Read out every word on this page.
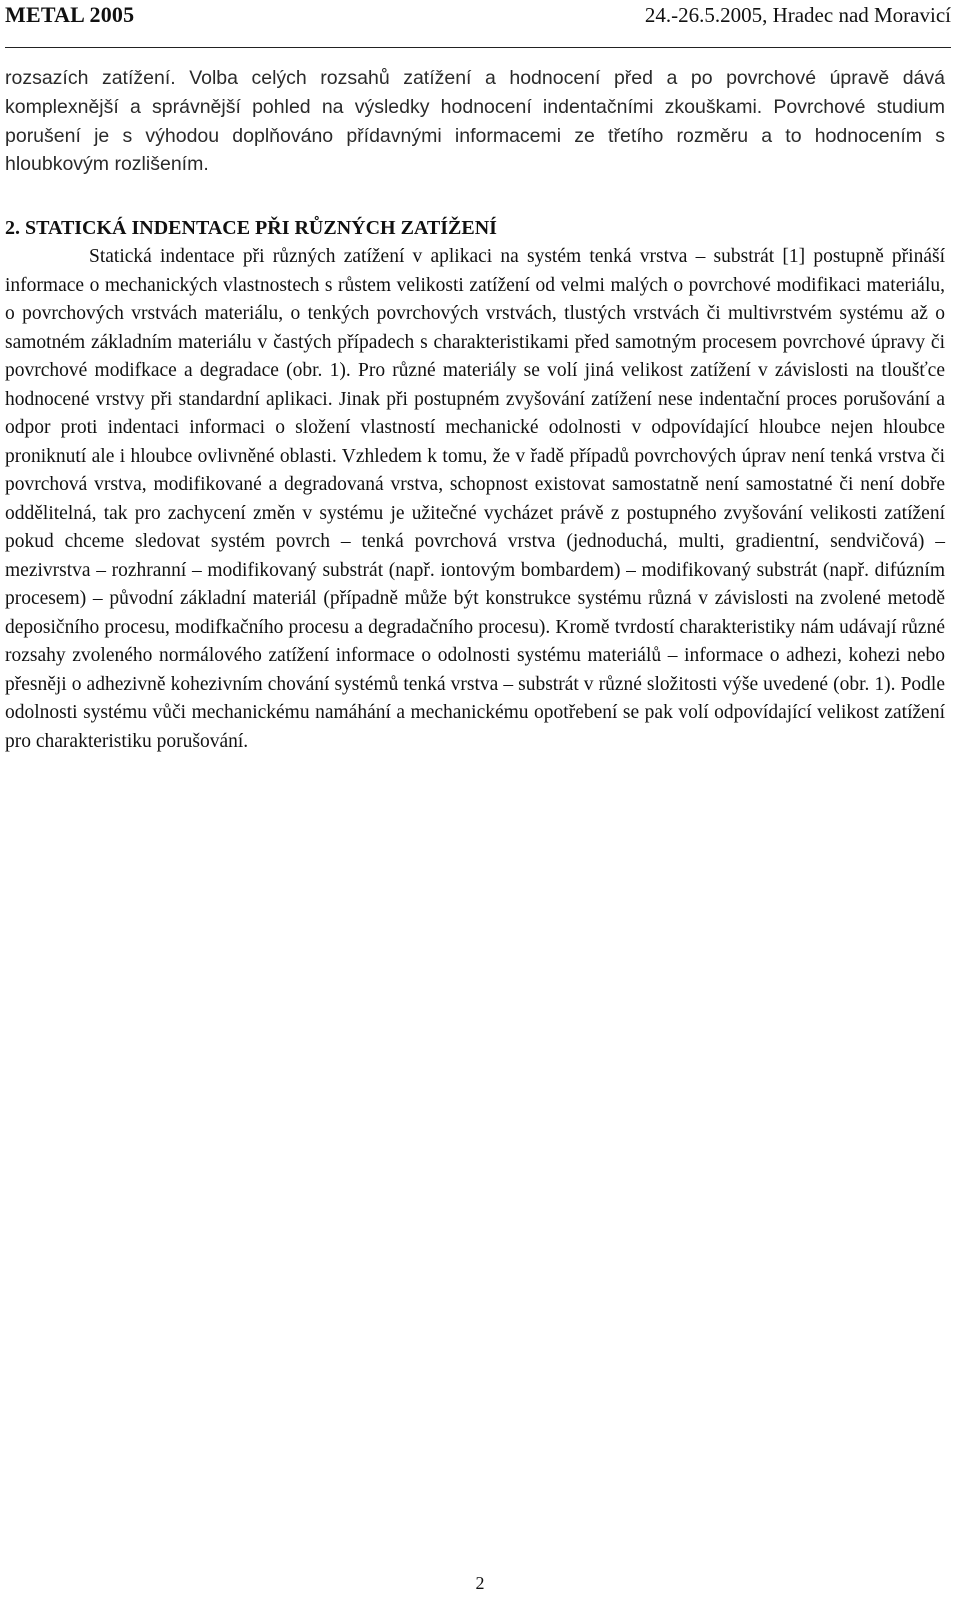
METAL 2005	24.-26.5.2005, Hradec nad Moravicí
rozsazích zatížení. Volba celých rozsahů zatížení a hodnocení před a po povrchové úpravě dává komplexnější a správnější pohled na výsledky hodnocení indentačními zkouškami. Povrchové studium porušení je s výhodou doplňováno přídavnými informacemi ze třetího rozměru a to hodnocením s hloubkovým rozlišením.
2. STATICKÁ INDENTACE PŘI RŮZNÝCH ZATÍŽENÍ

Statická indentace při různých zatížení v aplikaci na systém tenká vrstva – substrát [1] postupně přináší informace o mechanických vlastnostech s růstem velikosti zatížení od velmi malých o povrchové modifikaci materiálu, o povrchových vrstvách materiálu, o tenkých povrchových vrstvách, tlustých vrstvách či multivrstvém systému až o samotném základním materiálu v častých případech s charakteristikami před samotným procesem povrchové úpravy či povrchové modifkace a degradace (obr. 1). Pro různé materiály se volí jiná velikost zatížení v závislosti na tloušťce hodnocené vrstvy při standardní aplikaci. Jinak při postupném zvyšování zatížení nese indentační proces porušování a odpor proti indentaci informaci o složení vlastností mechanické odolnosti v odpovídající hloubce nejen hloubce proniknutí ale i hloubce ovlivněné oblasti. Vzhledem k tomu, že v řadě případů povrchových úprav není tenká vrstva či povrchová vrstva, modifikované a degradovaná vrstva, schopnost existovat samostatně není samostatné či není dobře oddělitelná, tak pro zachycení změn v systému je užitečné vycházet právě z postupného zvyšování velikosti zatížení pokud chceme sledovat systém povrch – tenká povrchová vrstva (jednoduchá, multi, gradientní, sendvičová) – mezivrstva – rozhranní – modifikovaný substrát (např. iontovým bombardem) – modifikovaný substrát (např. difúzním procesem) – původní základní materiál (případně může být konstrukce systému různá v závislosti na zvolené metodě deposičního procesu, modifkačního procesu a degradačního procesu). Kromě tvrdostí charakteristiky nám udávají různé rozsahy zvoleného normálového zatížení informace o odolnosti systému materiálů – informace o adhezi, kohezi nebo přesněji o adhezivně kohezivním chování systémů tenká vrstva – substrát v různé složitosti výše uvedené (obr. 1). Podle odolnosti systému vůči mechanickému namáhání a mechanickému opotřebení se pak volí odpovídající velikost zatížení pro charakteristiku porušování.

2
